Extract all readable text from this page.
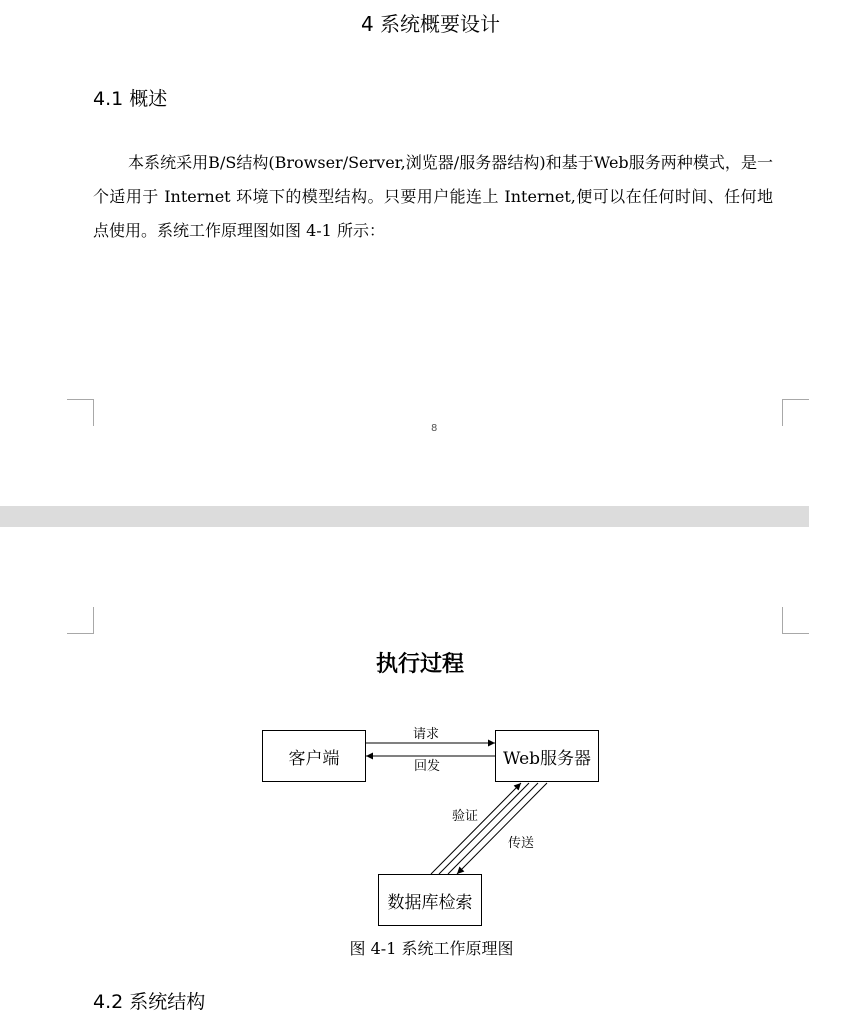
4 系统概要设计
4.1 概述

本系统采用B/S结构(Browser/Server,浏览器/服务器结构)和基于Web服务两种模式，是一个适用于 Internet 环境下的模型结构。只要用户能连上 Internet,便可以在任何时间、任何地点使用。系统工作原理图如图 4-1 所示：

8
执行过程
客户端	Web服务器
数据库检索
请求
回发
验证
传送
图 4-1 系统工作原理图
4.2 系统结构
